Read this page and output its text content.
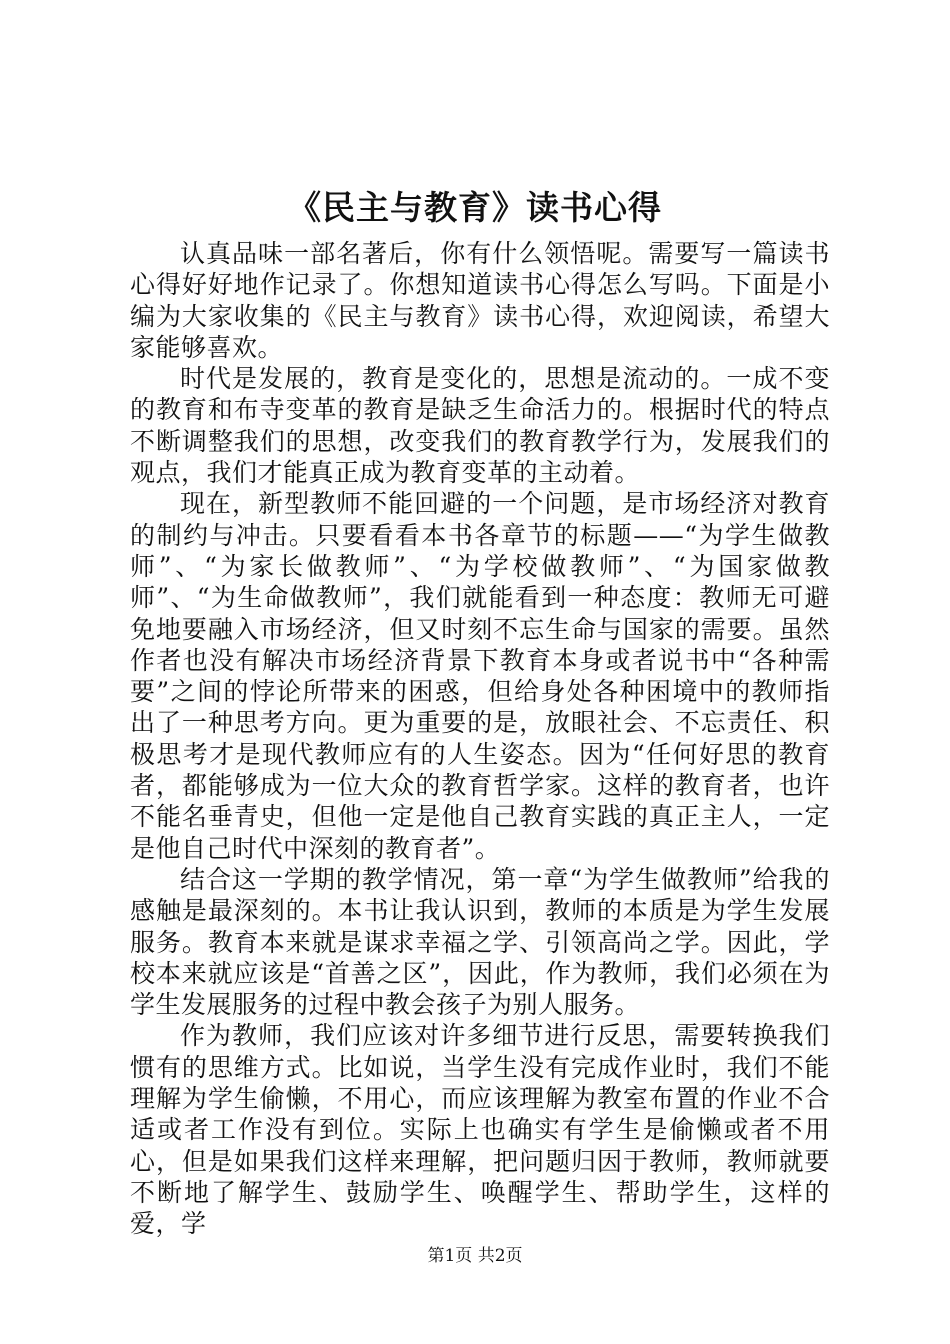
《民主与教育》读书心得

认真品味一部名著后，你有什么领悟呢。需要写一篇读书心得好好地作记录了。你想知道读书心得怎么写吗。下面是小编为大家收集的《民主与教育》读书心得，欢迎阅读，希望大家能够喜欢。

时代是发展的，教育是变化的，思想是流动的。一成不变的教育和布寺变革的教育是缺乏生命活力的。根据时代的特点不断调整我们的思想，改变我们的教育教学行为，发展我们的观点，我们才能真正成为教育变革的主动着。

现在，新型教师不能回避的一个问题，是市场经济对教育的制约与冲击。只要看看本书各章节的标题——“为学生做教师”、“为家长做教师”、“为学校做教师”、“为国家做教师”、“为生命做教师”，我们就能看到一种态度：教师无可避免地要融入市场经济，但又时刻不忘生命与国家的需要。虽然作者也没有解决市场经济背景下教育本身或者说书中“各种需要”之间的悖论所带来的困惑，但给身处各种困境中的教师指出了一种思考方向。更为重要的是，放眼社会、不忘责任、积极思考才是现代教师应有的人生姿态。因为“任何好思的教育者，都能够成为一位大众的教育哲学家。这样的教育者，也许不能名垂青史，但他一定是他自己教育实践的真正主人，一定是他自己时代中深刻的教育者”。

结合这一学期的教学情况，第一章“为学生做教师”给我的感触是最深刻的。本书让我认识到，教师的本质是为学生发展服务。教育本来就是谋求幸福之学、引领高尚之学。因此，学校本来就应该是“首善之区”，因此，作为教师，我们必须在为学生发展服务的过程中教会孩子为别人服务。

作为教师，我们应该对许多细节进行反思，需要转换我们惯有的思维方式。比如说，当学生没有完成作业时，我们不能理解为学生偷懒，不用心，而应该理解为教室布置的作业不合适或者工作没有到位。实际上也确实有学生是偷懒或者不用心，但是如果我们这样来理解，把问题归因于教师，教师就要不断地了解学生、鼓励学生、唤醒学生、帮助学生，这样的爱，学

第1页 共2页
